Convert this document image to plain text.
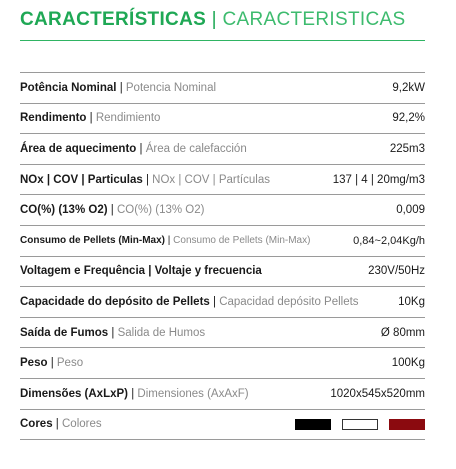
CARACTERÍSTICAS | CARACTERISTICAS
Potência Nominal | Potencia Nominal	9,2kW
Rendimento | Rendimiento	92,2%
Área de aquecimento | Área de calefacción	225m3
NOx | COV | Particulas | NOx | COV | Partículas	137 | 4 | 20mg/m3
CO(%) (13% O2) | CO(%) (13% O2)	0,009
Consumo de Pellets (Min-Max) | Consumo de Pellets (Min-Max)	0,84~2,04Kg/h
Voltagem e Frequência | Voltaje y frecuencia	230V/50Hz
Capacidade do depósito de Pellets | Capacidad depósito Pellets	10Kg
Saída de Fumos | Salida de Humos	Ø 80mm
Peso | Peso	100Kg
Dimensões (AxLxP) | Dimensiones (AxAxF)	1020x545x520mm
Cores | Colores
